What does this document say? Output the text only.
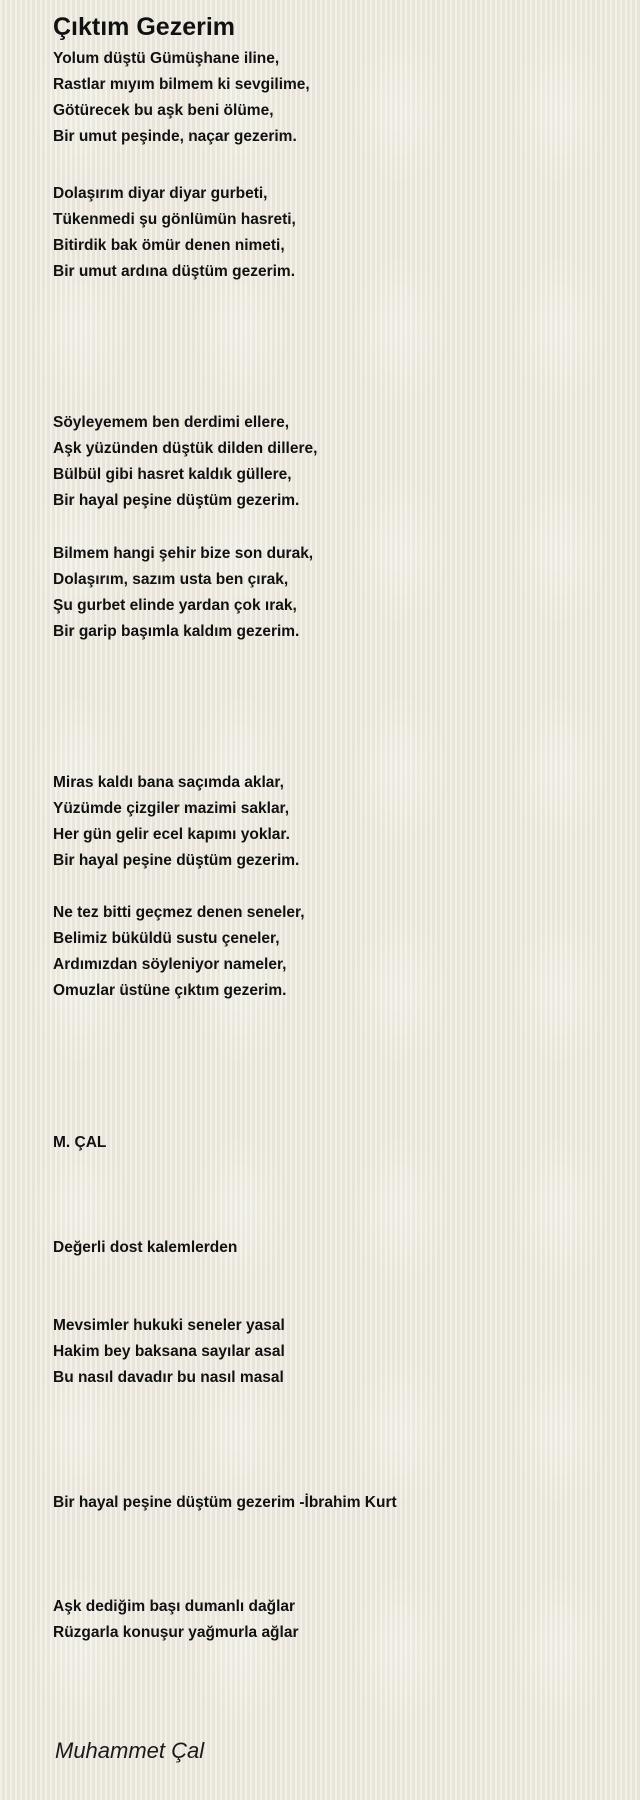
Çıktım Gezerim
Yolum düştü Gümüşhane iline,
Rastlar mıyım bilmem ki sevgilime,
Götürecek bu aşk beni ölüme,
Bir umut peşinde, naçar gezerim.
Dolaşırım diyar diyar gurbeti,
Tükenmedi şu gönlümün hasreti,
Bitirdik bak ömür denen nimeti,
Bir umut ardına düştüm gezerim.
Söyleyemem ben derdimi ellere,
Aşk yüzünden düştük dilden dillere,
Bülbül gibi hasret kaldık güllere,
Bir hayal peşine düştüm gezerim.
Bilmem hangi şehir bize son durak,
Dolaşırım, sazım usta ben çırak,
Şu gurbet elinde yardan çok ırak,
Bir garip başımla kaldım gezerim.
Miras kaldı bana saçımda aklar,
Yüzümde çizgiler mazimi saklar,
Her gün gelir ecel kapımı yoklar.
Bir hayal peşine düştüm gezerim.
Ne tez bitti geçmez denen seneler,
Belimiz büküldü sustu çeneler,
Ardımızdan söyleniyor nameler,
Omuzlar üstüne çıktım gezerim.
M. ÇAL
Değerli dost kalemlerden
Mevsimler hukuki seneler yasal
Hakim bey baksana sayılar asal
Bu nasıl davadır bu nasıl masal
Bir hayal peşine düştüm gezerim -İbrahim Kurt
Aşk dediğim başı dumanlı dağlar
Rüzgarla konuşur yağmurla ağlar
Muhammet Çal
